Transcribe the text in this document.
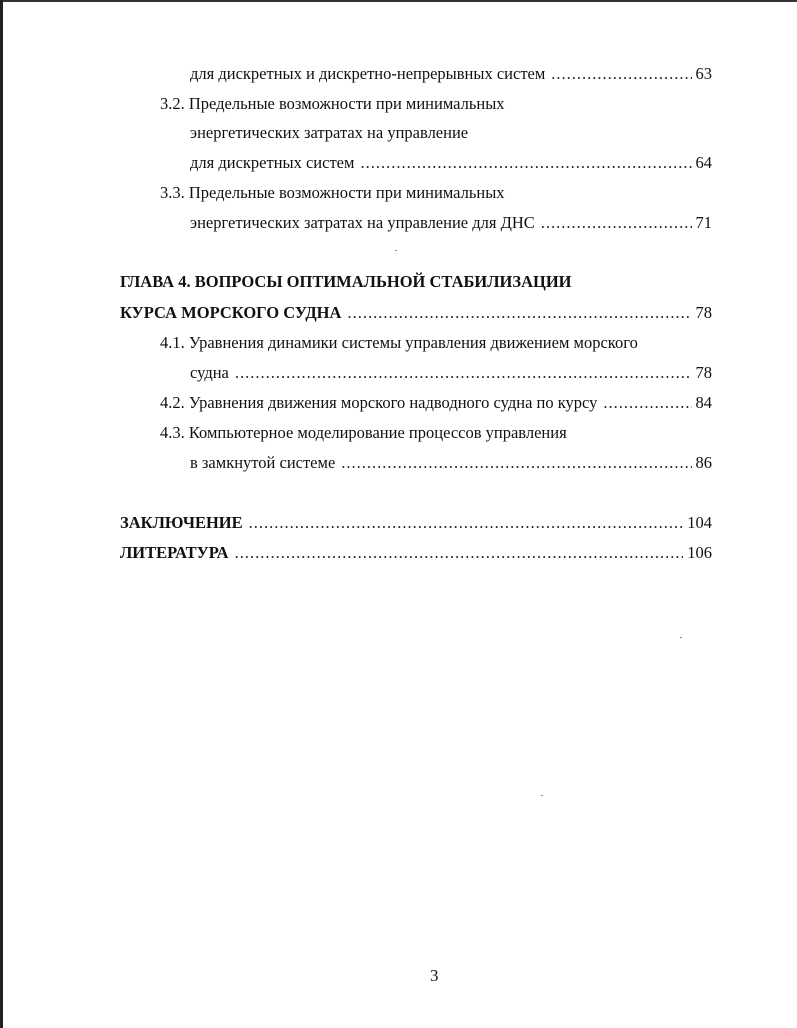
для дискретных и дискретно-непрерывных систем .....	63
3.2. Предельные возможности при минимальных
энергетических затратах на управление
для дискретных систем .....	64
3.3. Предельные возможности при минимальных
энергетических затратах на управление для ДНС .....	71
ГЛАВА 4. ВОПРОСЫ ОПТИМАЛЬНОЙ СТАБИЛИЗАЦИИ
КУРСА МОРСКОГО СУДНА .....	78
4.1. Уравнения динамики системы управления движением морского
судна .....	78
4.2. Уравнения движения морского надводного судна по курсу .....	84
4.3. Компьютерное моделирование процессов управления
в замкнутой системе .....	86
ЗАКЛЮЧЕНИЕ .....	104
ЛИТЕРАТУРА .....	106
3
